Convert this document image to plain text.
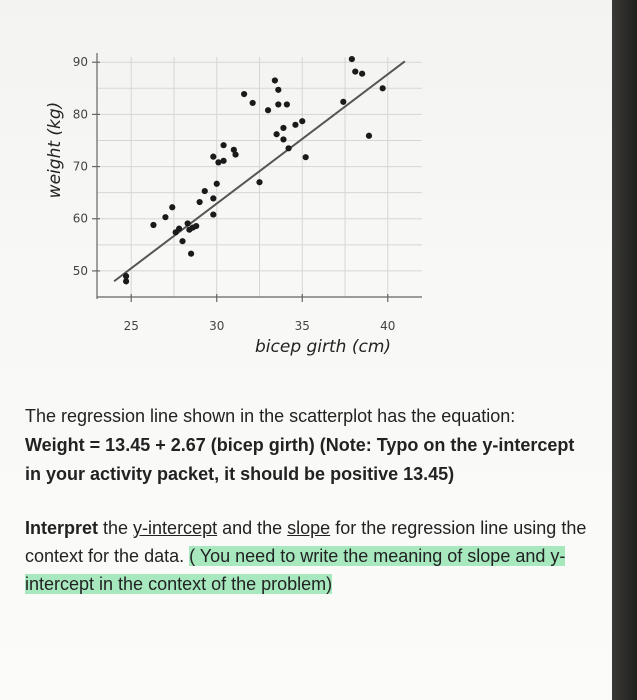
50
60
70
80
90
25	30	35	40
weight (kg)
bicep girth (cm)
The regression line shown in the scatterplot has the equation:
Weight = 13.45 + 2.67 (bicep girth) (Note: Typo on the y-intercept in your activity packet, it should be positive 13.45)
Interpret the y-intercept and the slope for the regression line using the context for the data. ( You need to write the meaning of slope and y-intercept in the context of the problem)
